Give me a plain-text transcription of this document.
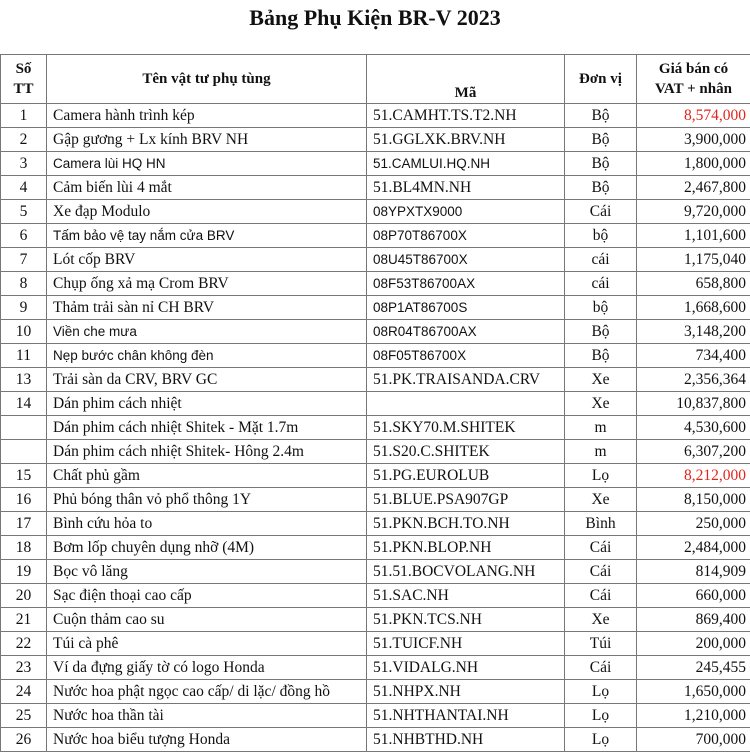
Bảng Phụ Kiện BR-V 2023
Số
TT	Tên vật tư phụ tùng	Mã	Đơn vị	Giá bán có
VAT + nhân
1	Camera hành trình kép	51.CAMHT.TS.T2.NH	Bộ	8,574,000
2	Gập gương + Lx kính BRV NH	51.GGLXK.BRV.NH	Bộ	3,900,000
3	Camera lùi HQ HN	51.CAMLUI.HQ.NH	Bộ	1,800,000
4	Cảm biến lùi 4 mắt	51.BL4MN.NH	Bộ	2,467,800
5	Xe đạp Modulo	08YPXTX9000	Cái	9,720,000
6	Tấm bảo vệ tay nắm cửa BRV	08P70T86700X	bộ	1,101,600
7	Lót cốp BRV	08U45T86700X	cái	1,175,040
8	Chụp ống xả mạ Crom BRV	08F53T86700AX	cái	658,800
9	Thảm trải sàn nỉ CH BRV	08P1AT86700S	bộ	1,668,600
10	Viền che mưa	08R04T86700AX	Bộ	3,148,200
11	Nẹp bước chân không đèn	08F05T86700X	Bộ	734,400
13	Trải sàn da CRV, BRV GC	51.PK.TRAISANDA.CRV	Xe	2,356,364
14	Dán phim cách nhiệt		Xe	10,837,800
	Dán phim cách nhiệt Shitek - Mặt 1.7m	51.SKY70.M.SHITEK	m	4,530,600
	Dán phim cách nhiệt Shitek- Hông 2.4m	51.S20.C.SHITEK	m	6,307,200
15	Chất phủ gầm	51.PG.EUROLUB	Lọ	8,212,000
16	Phủ bóng thân vỏ phổ thông 1Y	51.BLUE.PSA907GP	Xe	8,150,000
17	Bình cứu hỏa to	51.PKN.BCH.TO.NH	Bình	250,000
18	Bơm lốp chuyên dụng nhỡ (4M)	51.PKN.BLOP.NH	Cái	2,484,000
19	Bọc vô lăng	51.51.BOCVOLANG.NH	Cái	814,909
20	Sạc điện thoại cao cấp	51.SAC.NH	Cái	660,000
21	Cuộn thảm cao su	51.PKN.TCS.NH	Xe	869,400
22	Túi cà phê	51.TUICF.NH	Túi	200,000
23	Ví da đựng giấy tờ có logo Honda	51.VIDALG.NH	Cái	245,455
24	Nước hoa phật ngọc cao cấp/ di lặc/ đồng hồ	51.NHPX.NH	Lọ	1,650,000
25	Nước hoa thần tài	51.NHTHANTAI.NH	Lọ	1,210,000
26	Nước hoa biểu tượng Honda	51.NHBTHD.NH	Lọ	700,000
